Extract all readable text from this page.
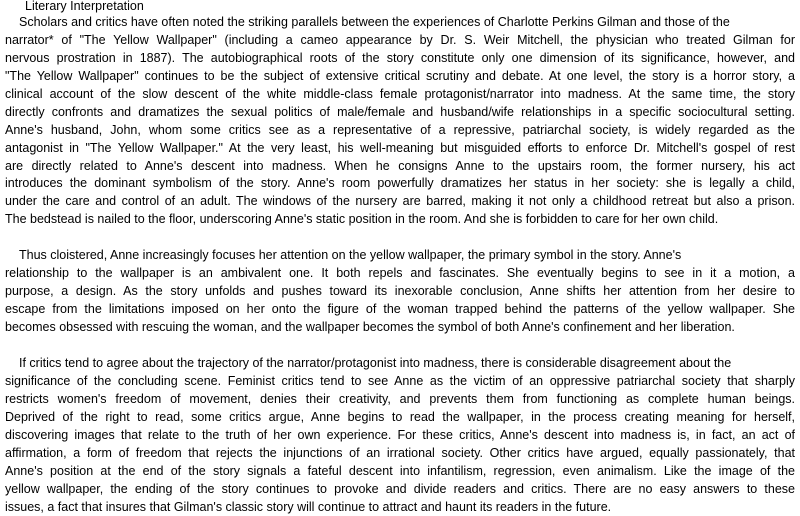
Literary Interpretation
Scholars and critics have often noted the striking parallels between the experiences of Charlotte Perkins Gilman and those of the
narrator* of "The Yellow Wallpaper" (including a cameo appearance by Dr. S. Weir Mitchell, the physician who treated Gilman for
nervous prostration in 1887). The autobiographical roots of the story constitute only one dimension of its significance, however, and
"The Yellow Wallpaper" continues to be the subject of extensive critical scrutiny and debate. At one level, the story is a horror story, a
clinical account of the slow descent of the white middle-class female protagonist/narrator into madness. At the same time, the story
directly confronts and dramatizes the sexual politics of male/female and husband/wife relationships in a specific sociocultural setting.
Anne's husband, John, whom some critics see as a representative of a repressive, patriarchal society, is widely regarded as the
antagonist in "The Yellow Wallpaper." At the very least, his well-meaning but misguided efforts to enforce Dr. Mitchell's gospel of rest
are directly related to Anne's descent into madness. When he consigns Anne to the upstairs room, the former nursery, his act
introduces the dominant symbolism of the story. Anne's room powerfully dramatizes her status in her society: she is legally a child,
under the care and control of an adult. The windows of the nursery are barred, making it not only a childhood retreat but also a prison.
The bedstead is nailed to the floor, underscoring Anne's static position in the room. And she is forbidden to care for her own child.
Thus cloistered, Anne increasingly focuses her attention on the yellow wallpaper, the primary symbol in the story. Anne's
relationship to the wallpaper is an ambivalent one. It both repels and fascinates. She eventually begins to see in it a motion, a
purpose, a design. As the story unfolds and pushes toward its inexorable conclusion, Anne shifts her attention from her desire to
escape from the limitations imposed on her onto the figure of the woman trapped behind the patterns of the yellow wallpaper. She
becomes obsessed with rescuing the woman, and the wallpaper becomes the symbol of both Anne's confinement and her liberation.
If critics tend to agree about the trajectory of the narrator/protagonist into madness, there is considerable disagreement about the
significance of the concluding scene. Feminist critics tend to see Anne as the victim of an oppressive patriarchal society that sharply
restricts women's freedom of movement, denies their creativity, and prevents them from functioning as complete human beings.
Deprived of the right to read, some critics argue, Anne begins to read the wallpaper, in the process creating meaning for herself,
discovering images that relate to the truth of her own experience. For these critics, Anne's descent into madness is, in fact, an act of
affirmation, a form of freedom that rejects the injunctions of an irrational society. Other critics have argued, equally passionately, that
Anne's position at the end of the story signals a fateful descent into infantilism, regression, even animalism. Like the image of the
yellow wallpaper, the ending of the story continues to provoke and divide readers and critics. There are no easy answers to these
issues, a fact that insures that Gilman's classic story will continue to attract and haunt its readers in the future.
